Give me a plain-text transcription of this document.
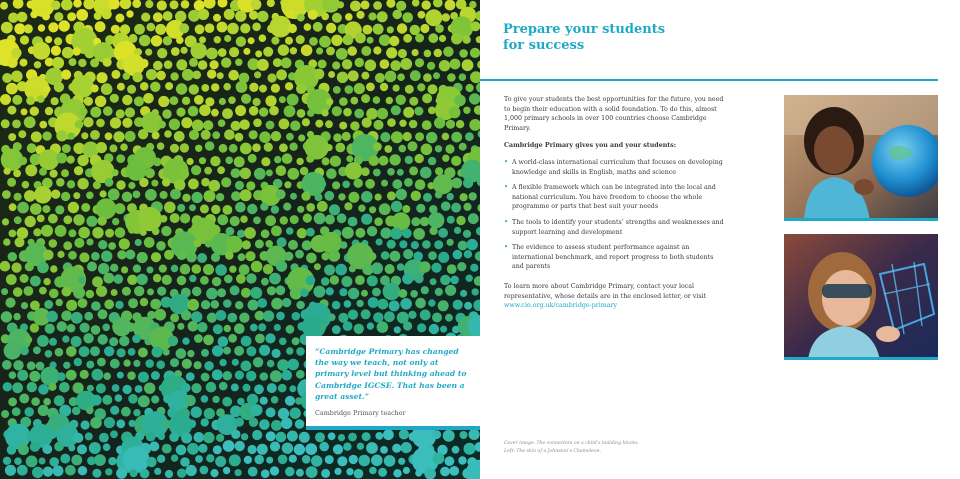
“Cambridge Primary has changed the way we teach, not only at primary level but thinking ahead to Cambridge IGCSE. That has been a great asset.”

Cambridge Primary teacher

Prepare your students
for success

To give your students the best opportunities for the future, you need to begin their education with a solid foundation. To do this, almost 1,000 primary schools in over 100 countries choose Cambridge Primary.

Cambridge Primary gives you and your students:

• A world-class international curriculum that focuses on developing knowledge and skills in English, maths and science
• A flexible framework which can be integrated into the local and national curriculum. You have freedom to choose the whole programme or parts that best suit your needs
• The tools to identify your students’ strengths and weaknesses and support learning and development
• The evidence to assess student performance against an international benchmark, and report progress to both students and parents

To learn more about Cambridge Primary, contact your local representative, whose details are in the enclosed letter, or visit www.cie.org.uk/cambridge-primary

Cover image: The connectors on a child’s building blocks.
Left: The skin of a Johnston’s Chameleon.
